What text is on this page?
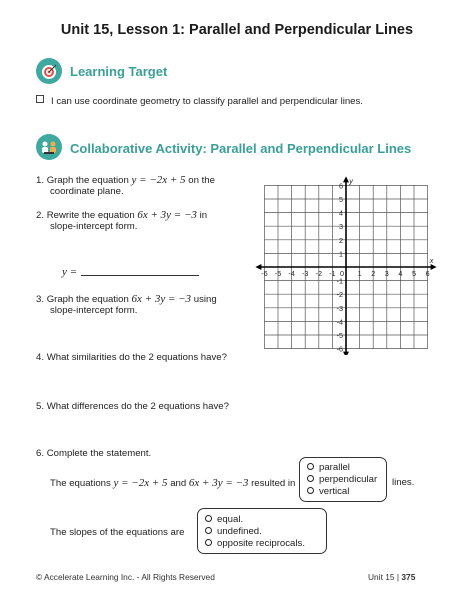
Unit 15, Lesson 1: Parallel and Perpendicular Lines
Learning Target
I can use coordinate geometry to classify parallel and perpendicular lines.
Collaborative Activity: Parallel and Perpendicular Lines
1. Graph the equation y = −2x + 5 on the
coordinate plane.
2. Rewrite the equation 6x + 3y = −3 in
slope-intercept form.
y =
3. Graph the equation 6x + 3y = −3 using
slope-intercept form.
4. What similarities do the 2 equations have?
5. What differences do the 2 equations have?
6. Complete the statement.
The equations y = −2x + 5 and 6x + 3y = −3 resulted in
parallel
perpendicular
vertical
lines.
The slopes of the equations are
equal.
undefined.
opposite reciprocals.
x
y
-6 -5 -4 -3 -2 -1 0 1 2 3 4 5 6
6
5
4
3
2
1
-1
-2
-3
-4
-5
-6
© Accelerate Learning Inc. - All Rights Reserved	Unit 15 | 375
